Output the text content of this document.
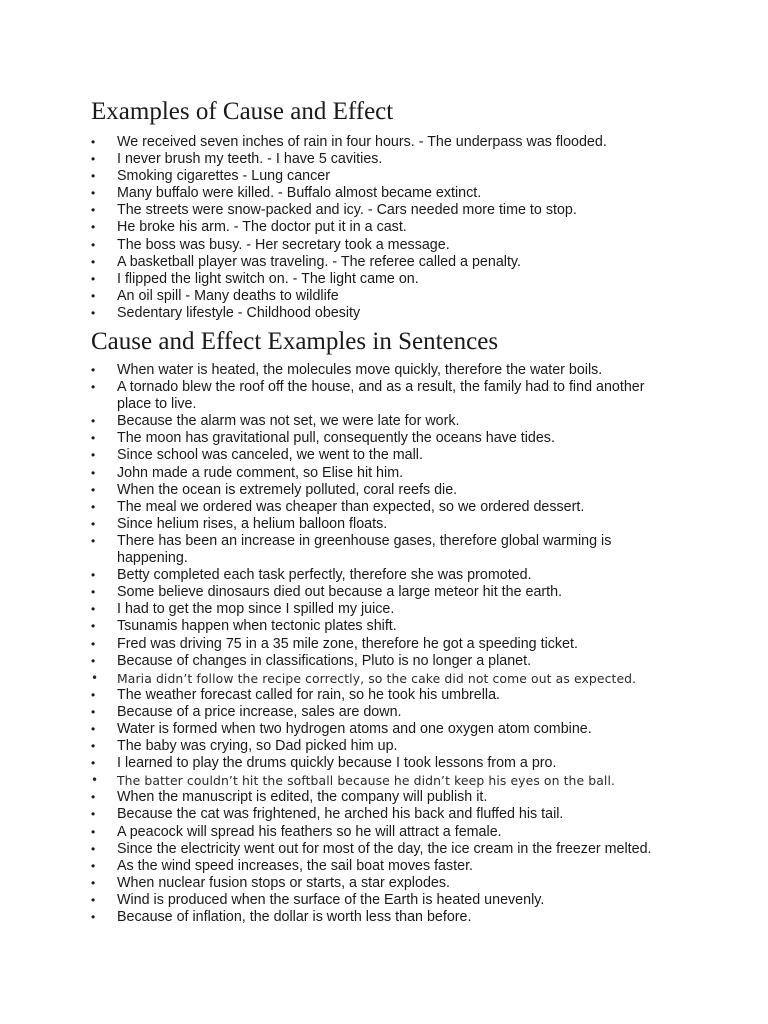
Examples of Cause and Effect
• We received seven inches of rain in four hours. - The underpass was flooded.
• I never brush my teeth. - I have 5 cavities.
• Smoking cigarettes - Lung cancer
• Many buffalo were killed. - Buffalo almost became extinct.
• The streets were snow-packed and icy. - Cars needed more time to stop.
• He broke his arm. - The doctor put it in a cast.
• The boss was busy. - Her secretary took a message.
• A basketball player was traveling. - The referee called a penalty.
• I flipped the light switch on. - The light came on.
• An oil spill - Many deaths to wildlife
• Sedentary lifestyle - Childhood obesity
Cause and Effect Examples in Sentences
• When water is heated, the molecules move quickly, therefore the water boils.
• A tornado blew the roof off the house, and as a result, the family had to find another place to live.
• Because the alarm was not set, we were late for work.
• The moon has gravitational pull, consequently the oceans have tides.
• Since school was canceled, we went to the mall.
• John made a rude comment, so Elise hit him.
• When the ocean is extremely polluted, coral reefs die.
• The meal we ordered was cheaper than expected, so we ordered dessert.
• Since helium rises, a helium balloon floats.
• There has been an increase in greenhouse gases, therefore global warming is happening.
• Betty completed each task perfectly, therefore she was promoted.
• Some believe dinosaurs died out because a large meteor hit the earth.
• I had to get the mop since I spilled my juice.
• Tsunamis happen when tectonic plates shift.
• Fred was driving 75 in a 35 mile zone, therefore he got a speeding ticket.
• Because of changes in classifications, Pluto is no longer a planet.
• Maria didn’t follow the recipe correctly, so the cake did not come out as expected.
• The weather forecast called for rain, so he took his umbrella.
• Because of a price increase, sales are down.
• Water is formed when two hydrogen atoms and one oxygen atom combine.
• The baby was crying, so Dad picked him up.
• I learned to play the drums quickly because I took lessons from a pro.
• The batter couldn’t hit the softball because he didn’t keep his eyes on the ball.
• When the manuscript is edited, the company will publish it.
• Because the cat was frightened, he arched his back and fluffed his tail.
• A peacock will spread his feathers so he will attract a female.
• Since the electricity went out for most of the day, the ice cream in the freezer melted.
• As the wind speed increases, the sail boat moves faster.
• When nuclear fusion stops or starts, a star explodes.
• Wind is produced when the surface of the Earth is heated unevenly.
• Because of inflation, the dollar is worth less than before.
